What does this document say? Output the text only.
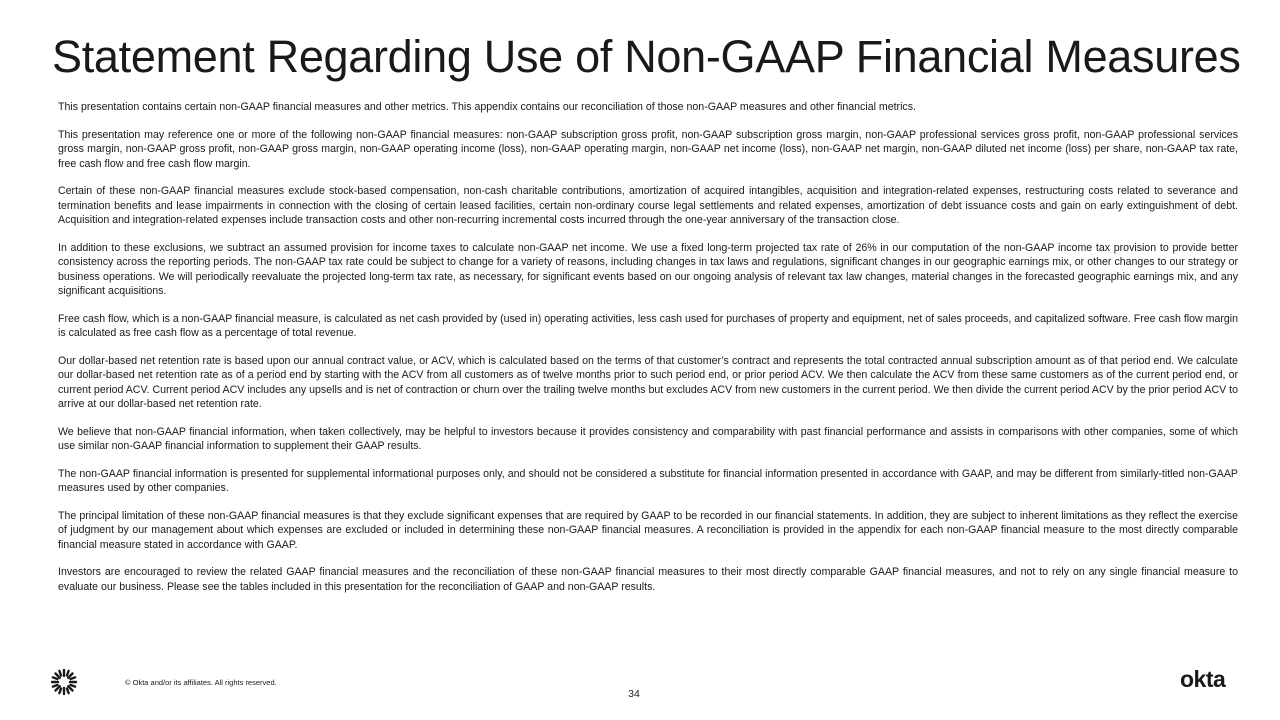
Statement Regarding Use of Non-GAAP Financial Measures

This presentation contains certain non-GAAP financial measures and other metrics. This appendix contains our reconciliation of those non-GAAP measures and other financial metrics.

This presentation may reference one or more of the following non-GAAP financial measures: non-GAAP subscription gross profit, non-GAAP subscription gross margin, non-GAAP professional services gross profit, non-GAAP professional services gross margin, non-GAAP gross profit, non-GAAP gross margin, non-GAAP operating income (loss), non-GAAP operating margin, non-GAAP net income (loss), non-GAAP net margin, non-GAAP diluted net income (loss) per share, non-GAAP tax rate, free cash flow and free cash flow margin.

Certain of these non-GAAP financial measures exclude stock-based compensation, non-cash charitable contributions, amortization of acquired intangibles, acquisition and integration-related expenses, restructuring costs related to severance and termination benefits and lease impairments in connection with the closing of certain leased facilities, certain non-ordinary course legal settlements and related expenses, amortization of debt issuance costs and gain on early extinguishment of debt. Acquisition and integration-related expenses include transaction costs and other non-recurring incremental costs incurred through the one-year anniversary of the transaction close.

In addition to these exclusions, we subtract an assumed provision for income taxes to calculate non-GAAP net income. We use a fixed long-term projected tax rate of 26% in our computation of the non-GAAP income tax provision to provide better consistency across the reporting periods. The non-GAAP tax rate could be subject to change for a variety of reasons, including changes in tax laws and regulations, significant changes in our geographic earnings mix, or other changes to our strategy or business operations. We will periodically reevaluate the projected long-term tax rate, as necessary, for significant events based on our ongoing analysis of relevant tax law changes, material changes in the forecasted geographic earnings mix, and any significant acquisitions.

Free cash flow, which is a non-GAAP financial measure, is calculated as net cash provided by (used in) operating activities, less cash used for purchases of property and equipment, net of sales proceeds, and capitalized software. Free cash flow margin is calculated as free cash flow as a percentage of total revenue.

Our dollar-based net retention rate is based upon our annual contract value, or ACV, which is calculated based on the terms of that customer’s contract and represents the total contracted annual subscription amount as of that period end. We calculate our dollar-based net retention rate as of a period end by starting with the ACV from all customers as of twelve months prior to such period end, or prior period ACV. We then calculate the ACV from these same customers as of the current period end, or current period ACV. Current period ACV includes any upsells and is net of contraction or churn over the trailing twelve months but excludes ACV from new customers in the current period. We then divide the current period ACV by the prior period ACV to arrive at our dollar-based net retention rate.

We believe that non-GAAP financial information, when taken collectively, may be helpful to investors because it provides consistency and comparability with past financial performance and assists in comparisons with other companies, some of which use similar non-GAAP financial information to supplement their GAAP results.

The non-GAAP financial information is presented for supplemental informational purposes only, and should not be considered a substitute for financial information presented in accordance with GAAP, and may be different from similarly-titled non-GAAP measures used by other companies.

The principal limitation of these non-GAAP financial measures is that they exclude significant expenses that are required by GAAP to be recorded in our financial statements. In addition, they are subject to inherent limitations as they reflect the exercise of judgment by our management about which expenses are excluded or included in determining these non-GAAP financial measures. A reconciliation is provided in the appendix for each non-GAAP financial measure to the most directly comparable financial measure stated in accordance with GAAP.

Investors are encouraged to review the related GAAP financial measures and the reconciliation of these non-GAAP financial measures to their most directly comparable GAAP financial measures, and not to rely on any single financial measure to evaluate our business. Please see the tables included in this presentation for the reconciliation of GAAP and non-GAAP results.

© Okta and/or its affiliates. All rights reserved.
34
okta
